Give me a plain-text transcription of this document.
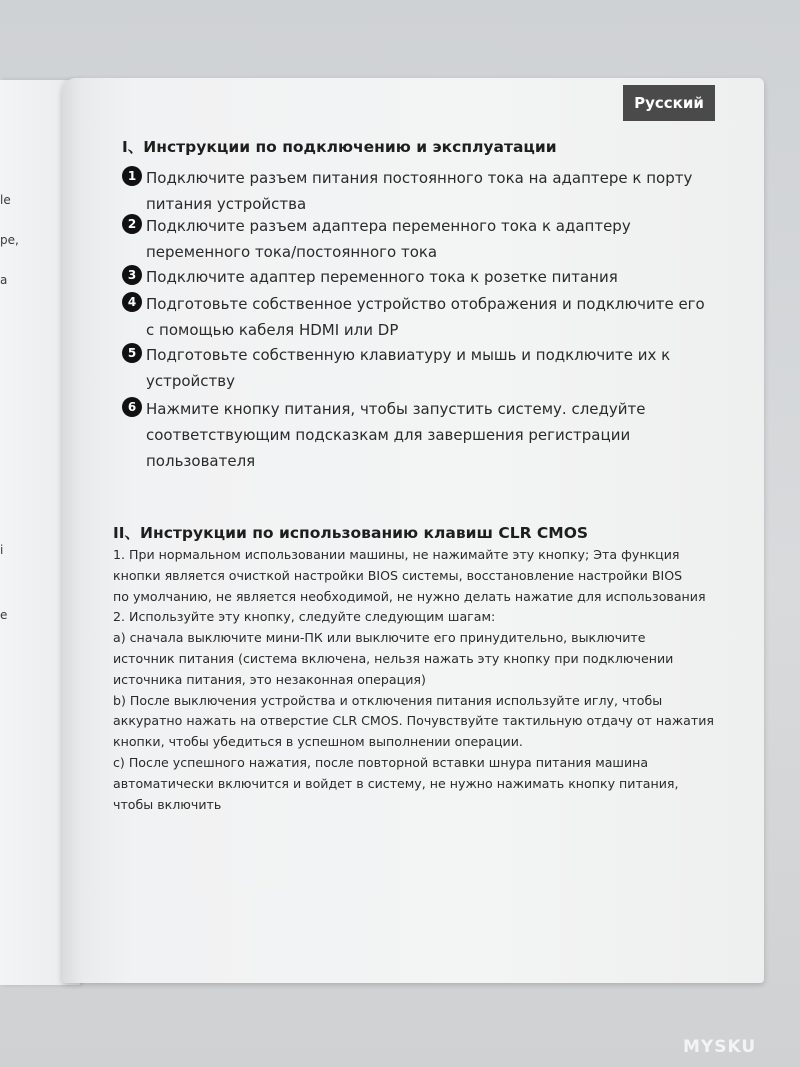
le
pe,
a
i
e
Русский
I、Инструкции по подключению и эксплуатации
1 Подключите разъем питания постоянного тока на адаптере к порту
питания устройства
2 Подключите разъем адаптера переменного тока к адаптеру
переменного тока/постоянного тока
3 Подключите адаптер переменного тока к розетке питания
4 Подготовьте собственное устройство отображения и подключите его
с помощью кабеля HDMI или DP
5 Подготовьте собственную клавиатуру и мышь и подключите их к
устройству
6 Нажмите кнопку питания, чтобы запустить систему. следуйте
соответствующим подсказкам для завершения регистрации
пользователя
II、Инструкции по использованию клавиш CLR CMOS
1. При нормальном использовании машины, не нажимайте эту кнопку; Эта функция
кнопки является очисткой настройки BIOS системы, восстановление настройки BIOS
по умолчанию, не является необходимой, не нужно делать нажатие для использования
2. Используйте эту кнопку, следуйте следующим шагам:
a) сначала выключите мини-ПК или выключите его принудительно, выключите
источник питания (система включена, нельзя нажать эту кнопку при подключении
источника питания, это незаконная операция)
b) После выключения устройства и отключения питания используйте иглу, чтобы
аккуратно нажать на отверстие CLR CMOS. Почувствуйте тактильную отдачу от нажатия
кнопки, чтобы убедиться в успешном выполнении операции.
c) После успешного нажатия, после повторной вставки шнура питания машина
автоматически включится и войдет в систему, не нужно нажимать кнопку питания,
чтобы включить
MYSKU
